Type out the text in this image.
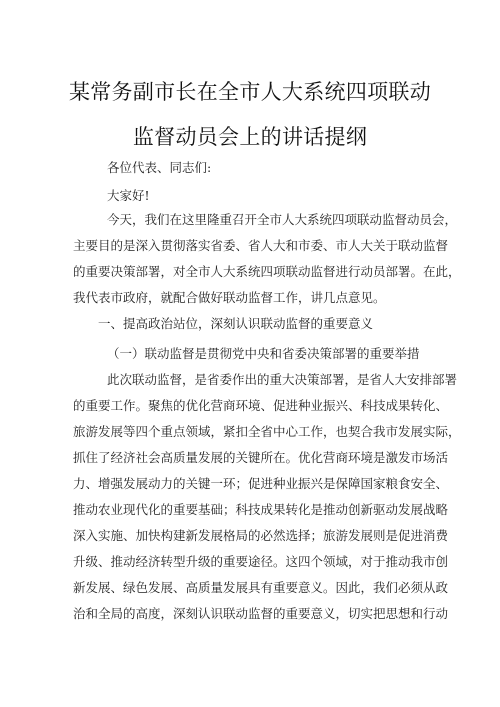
某常务副市长在全市人大系统四项联动
监督动员会上的讲话提纲
各位代表、同志们:
大家好!
今天，我们在这里隆重召开全市人大系统四项联动监督动员会，
主要目的是深入贯彻落实省委、省人大和市委、市人大关于联动监督
的重要决策部署，对全市人大系统四项联动监督进行动员部署。在此，
我代表市政府，就配合做好联动监督工作，讲几点意见。
一、提高政治站位，深刻认识联动监督的重要意义
（一）联动监督是贯彻党中央和省委决策部署的重要举措
此次联动监督，是省委作出的重大决策部署，是省人大安排部署
的重要工作。聚焦的优化营商环境、促进种业振兴、科技成果转化、
旅游发展等四个重点领域，紧扣全省中心工作，也契合我市发展实际，
抓住了经济社会高质量发展的关键所在。优化营商环境是激发市场活
力、增强发展动力的关键一环；促进种业振兴是保障国家粮食安全、
推动农业现代化的重要基础；科技成果转化是推动创新驱动发展战略
深入实施、加快构建新发展格局的必然选择；旅游发展则是促进消费
升级、推动经济转型升级的重要途径。这四个领域，对于推动我市创
新发展、绿色发展、高质量发展具有重要意义。因此，我们必须从政
治和全局的高度，深刻认识联动监督的重要意义，切实把思想和行动
